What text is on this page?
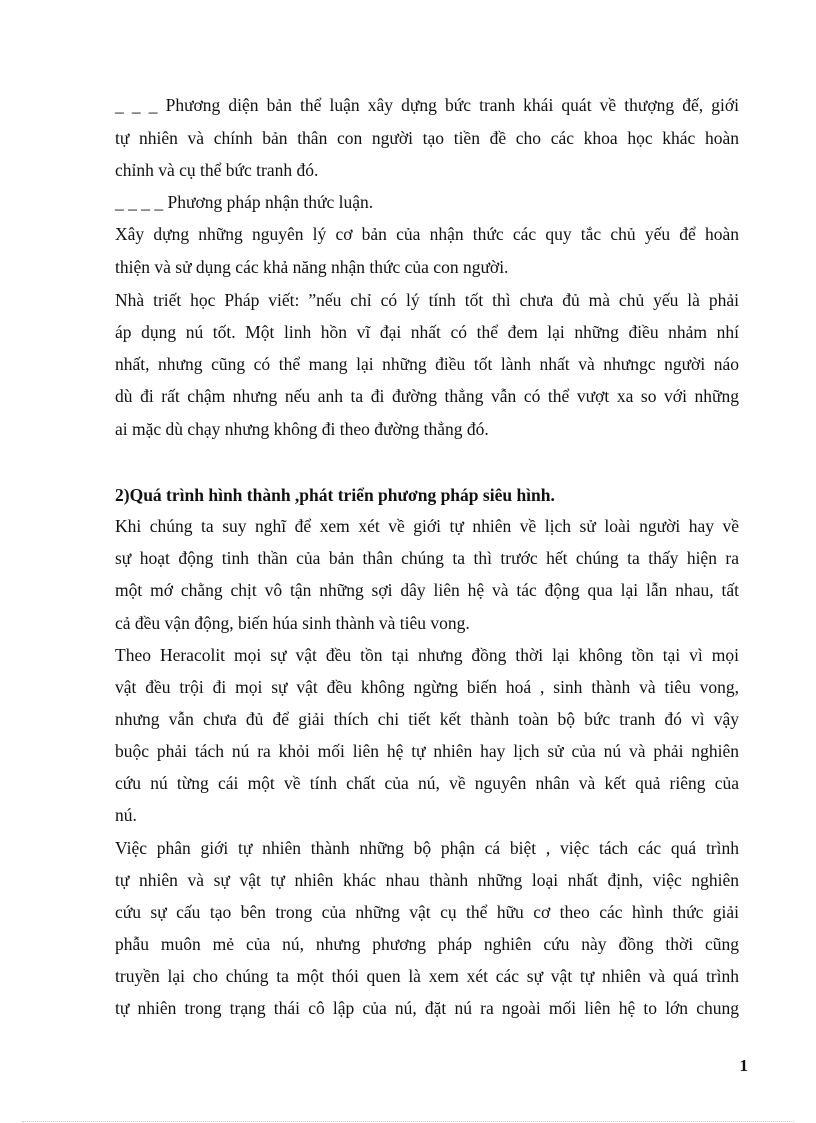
_ _ _ Phương diện bản thể luận xây dựng bức tranh khái quát về thượng đế, giới
tự nhiên và chính bản thân con người tạo tiền đề cho các khoa học khác hoàn
chỉnh và cụ thể bức tranh đó.
_ _ _ _ Phương pháp nhận thức luận.
Xây dựng những nguyên lý cơ bản của nhận thức các quy tắc chủ yếu để hoàn
thiện và sử dụng các khả năng nhận thức của con người.
Nhà triết học Pháp viết: ”nếu chỉ có lý tính tốt thì chưa đủ mà chủ yếu là phải
áp dụng nú tốt. Một linh hồn vĩ đại nhất có thể đem lại những điều nhảm nhí
nhất, nhưng cũng có thể mang lại những điều tốt lành nhất và nhưngc người náo
dù đi rất chậm nhưng nếu anh ta đi đường thẳng vẫn có thể vượt xa so với những
ai mặc dù chạy nhưng không đi theo đường thẳng đó.
2)Quá trình hình thành ,phát triển phương pháp siêu hình.
Khi chúng ta suy nghĩ để xem xét về giới tự nhiên về lịch sử loài người hay về
sự hoạt động tinh thần của bản thân chúng ta thì trước hết chúng ta thấy hiện ra
một mớ chằng chịt vô tận những sợi dây liên hệ và tác động qua lại lẫn nhau, tất
cả đều vận động, biến húa sinh thành và tiêu vong.
Theo Heracolit mọi sự vật đều tồn tại nhưng đồng thời lại không tồn tại vì mọi
vật đều trội đi mọi sự vật đều không ngừng biến hoá , sinh thành và tiêu vong,
nhưng vẫn chưa đủ để giải thích chi tiết kết thành toàn bộ bức tranh đó vì vậy
buộc phải tách nú ra khỏi mối liên hệ tự nhiên hay lịch sử của nú và phải nghiên
cứu nú từng cái một về tính chất của nú, về nguyên nhân và kết quả riêng của
nú.
Việc phân giới tự nhiên thành những bộ phận cá biệt , việc tách các quá trình
tự nhiên và sự vật tự nhiên khác nhau thành những loại nhất định, việc nghiên
cứu sự cấu tạo bên trong của những vật cụ thể hữu cơ theo các hình thức giải
phẫu muôn mẻ của nú, nhưng phương pháp nghiên cứu này đồng thời cũng
truyền lại cho chúng ta một thói quen là xem xét các sự vật tự nhiên và quá trình
tự nhiên trong trạng thái cô lập của nú, đặt nú ra ngoài mối liên hệ to lớn chung
1
